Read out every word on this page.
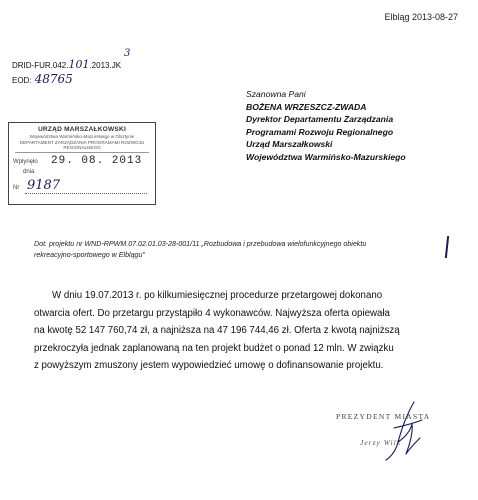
Elbląg 2013-08-27
DRID-FUR.042.101.2013.JK
3
EOD: 48765
Szanowna Pani
BOŻENA WRZESZCZ-ZWADA
Dyrektor Departamentu Zarządzania
Programami Rozwoju Regionalnego
Urząd Marszałkowski
Województwa Warmińsko-Mazurskiego
URZĄD MARSZAŁKOWSKI
Województwa Warmińsko-Mazurskiego w Olsztynie
DEPARTAMENT ZARZĄDZANIA PROGRAMAMI ROZWOJU REGIONALNEGO
Wpłynęło 29. 08. 2013
dnia
Nr 9187
Dot. projektu nr WND-RPWM.07.02.01.03-28-001/11 „Rozbudowa i przebudowa wielofunkcyjnego obiektu
rekreacyjno-sportowego w Elblągu"

W dniu 19.07.2013 r. po kilkumiesięcznej procedurze przetargowej dokonano

otwarcia ofert. Do przetargu przystąpiło 4 wykonawców. Najwyższa oferta opiewała

na kwotę 52 147 760,74 zł, a najniższa na 47 196 744,46 zł. Oferta z kwotą najniższą

przekroczyła jednak zaplanowaną na ten projekt budżet o ponad 12 mln. W związku

z powyższym zmuszony jestem wypowiedzieć umowę o dofinansowanie projektu.

PREZYDENT MIASTA
Jerzy Wilk
